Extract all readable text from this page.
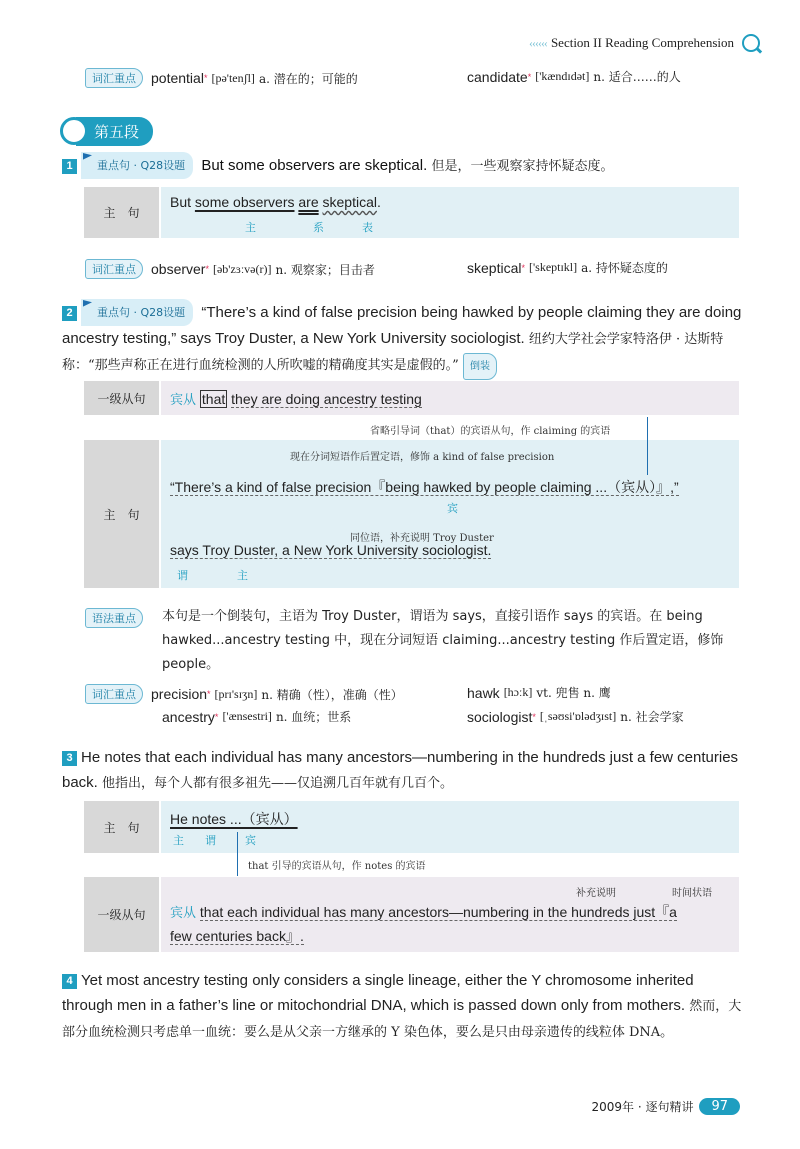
‹‹‹‹‹‹ Section II Reading Comprehension
词汇重点	potential * [pə'tenʃl] a. 潜在的；可能的	candidate * ['kændɪdət] n. 适合……的人
第五段
1 重点句 · Q28设题 But some observers are skeptical. 但是，一些观察家持怀疑态度。
主　句
But some observers are skeptical.
主	系	表
词汇重点	observer * [əb'zɜːvə(r)] n. 观察家；目击者	skeptical * ['skeptɪkl] a. 持怀疑态度的
2 重点句 · Q28设题 “There’s a kind of false precision being hawked by people claiming they are doing ancestry testing,” says Troy Duster, a New York University sociologist. 纽约大学社会学家特洛伊 · 达斯特称：“那些声称正在进行血统检测的人所吹嘘的精确度其实是虚假的。” 倒装
一级从句	宾从 that they are doing ancestry testing
主　句
省略引导词（that）的宾语从句，作 claiming 的宾语
现在分词短语作后置定语，修饰 a kind of false precision
“There’s a kind of false precision『being hawked by people claiming ...（宾从）』,”
宾
同位语，补充说明 Troy Duster
says Troy Duster, a New York University sociologist.
谓	主
语法重点	本句是一个倒装句，主语为 Troy Duster，谓语为 says，直接引语作 says 的宾语。在 being hawked...ancestry testing 中，现在分词短语 claiming...ancestry testing 作后置定语，修饰 people。
词汇重点	precision * [prɪ'sɪʒn] n. 精确（性），准确（性）	hawk [hɔːk] vt. 兜售 n. 鹰
ancestry * ['ænsestri] n. 血统；世系	sociologist * [ˌsəʊsi'ɒlədʒɪst] n. 社会学家
3 He notes that each individual has many ancestors—numbering in the hundreds just a few centuries back. 他指出，每个人都有很多祖先——仅追溯几百年就有几百个。
主　句
He notes ...（宾从）
主 谓	宾
that 引导的宾语从句，作 notes 的宾语
一级从句
补充说明	时间状语
宾从 that each individual has many ancestors—numbering in the hundreds just『a
few centuries back』.
4 Yet most ancestry testing only considers a single lineage, either the Y chromosome inherited through men in a father’s line or mitochondrial DNA, which is passed down only from mothers. 然而，大部分血统检测只考虑单一血统：要么是从父亲一方继承的 Y 染色体，要么是只由母亲遗传的线粒体 DNA。
2009年 · 逐句精讲	97
